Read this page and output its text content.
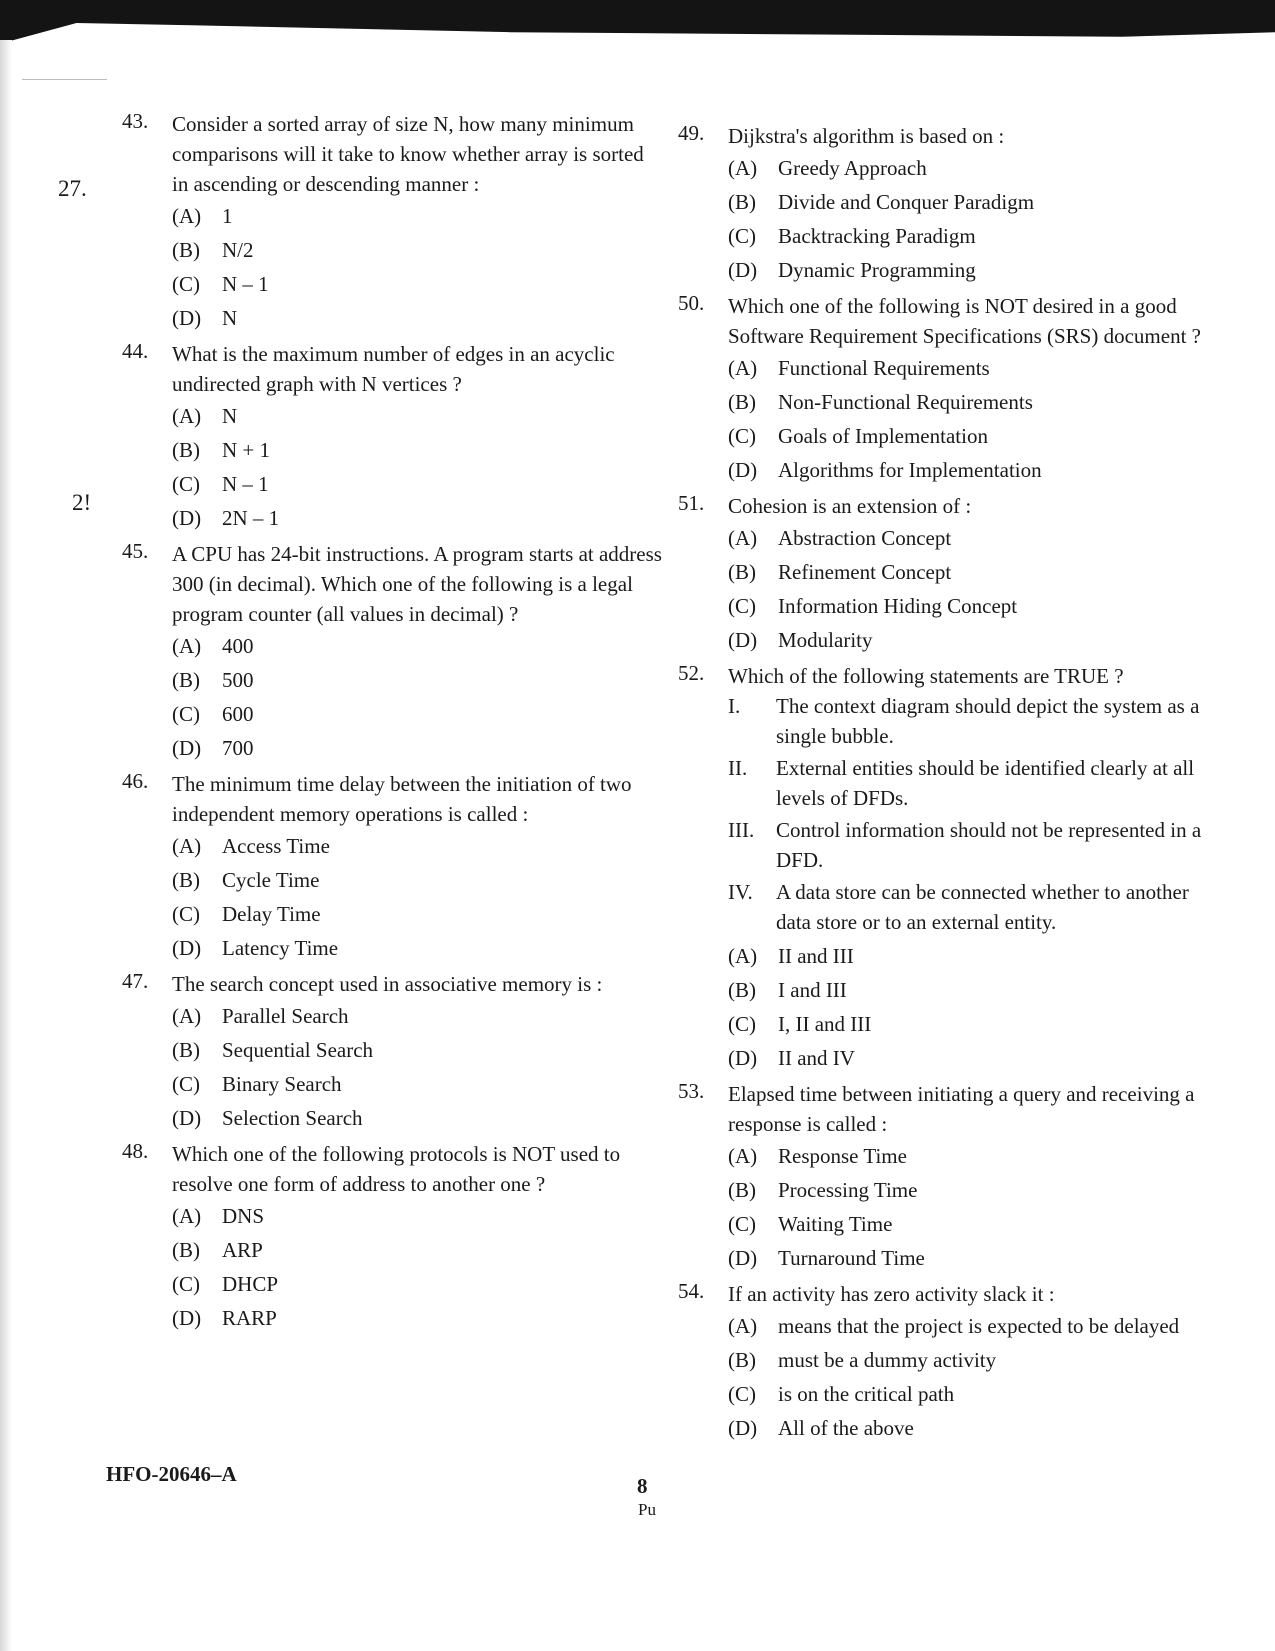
27.
2!
43.	Consider a sorted array of size N, how many minimum comparisons will it take to know whether array is sorted in ascending or descending manner :
(A) 1
(B)	N/2
(C)	N – 1
(D) N
44.	What is the maximum number of edges in an acyclic undirected graph with N vertices ?
(A) N
(B)	N + 1
(C)	N – 1
(D) 2N – 1
45.	A CPU has 24-bit instructions. A program starts at address 300 (in decimal). Which one of the following is a legal program counter (all values in decimal) ?
(A) 400
(B)	500
(C)	600
(D) 700
46.	The minimum time delay between the initiation of two independent memory operations is called :
(A) Access Time
(B)	Cycle Time
(C)	Delay Time
(D) Latency Time
47.	The search concept used in associative memory is :
(A) Parallel Search
(B)	Sequential Search
(C)	Binary Search
(D) Selection Search
48.	Which one of the following protocols is NOT used to resolve one form of address to another one ?
(A) DNS
(B)	ARP
(C)	DHCP
(D) RARP
49.	Dijkstra's algorithm is based on :
(A) Greedy Approach
(B)	Divide and Conquer Paradigm
(C)	Backtracking Paradigm
(D) Dynamic Programming
50.	Which one of the following is NOT desired in a good Software Requirement Specifications (SRS) document ?
(A) Functional Requirements
(B)	Non-Functional Requirements
(C)	Goals of Implementation
(D) Algorithms for Implementation
51.	Cohesion is an extension of :
(A) Abstraction Concept
(B)	Refinement Concept
(C)	Information Hiding Concept
(D) Modularity
52.	Which of the following statements are TRUE ?
I.	The context diagram should depict the system as a single bubble.
II.	External entities should be identified clearly at all levels of DFDs.
III.	Control information should not be represented in a DFD.
IV.	A data store can be connected whether to another data store or to an external entity.
(A) II and III
(B)	I and III
(C)	I, II and III
(D) II and IV
53.	Elapsed time between initiating a query and receiving a response is called :
(A) Response Time
(B)	Processing Time
(C)	Waiting Time
(D) Turnaround Time
54.	If an activity has zero activity slack it :
(A) means that the project is expected to be delayed
(B)	must be a dummy activity
(C)	is on the critical path
(D) All of the above
HFO-20646–A	8
Pu
